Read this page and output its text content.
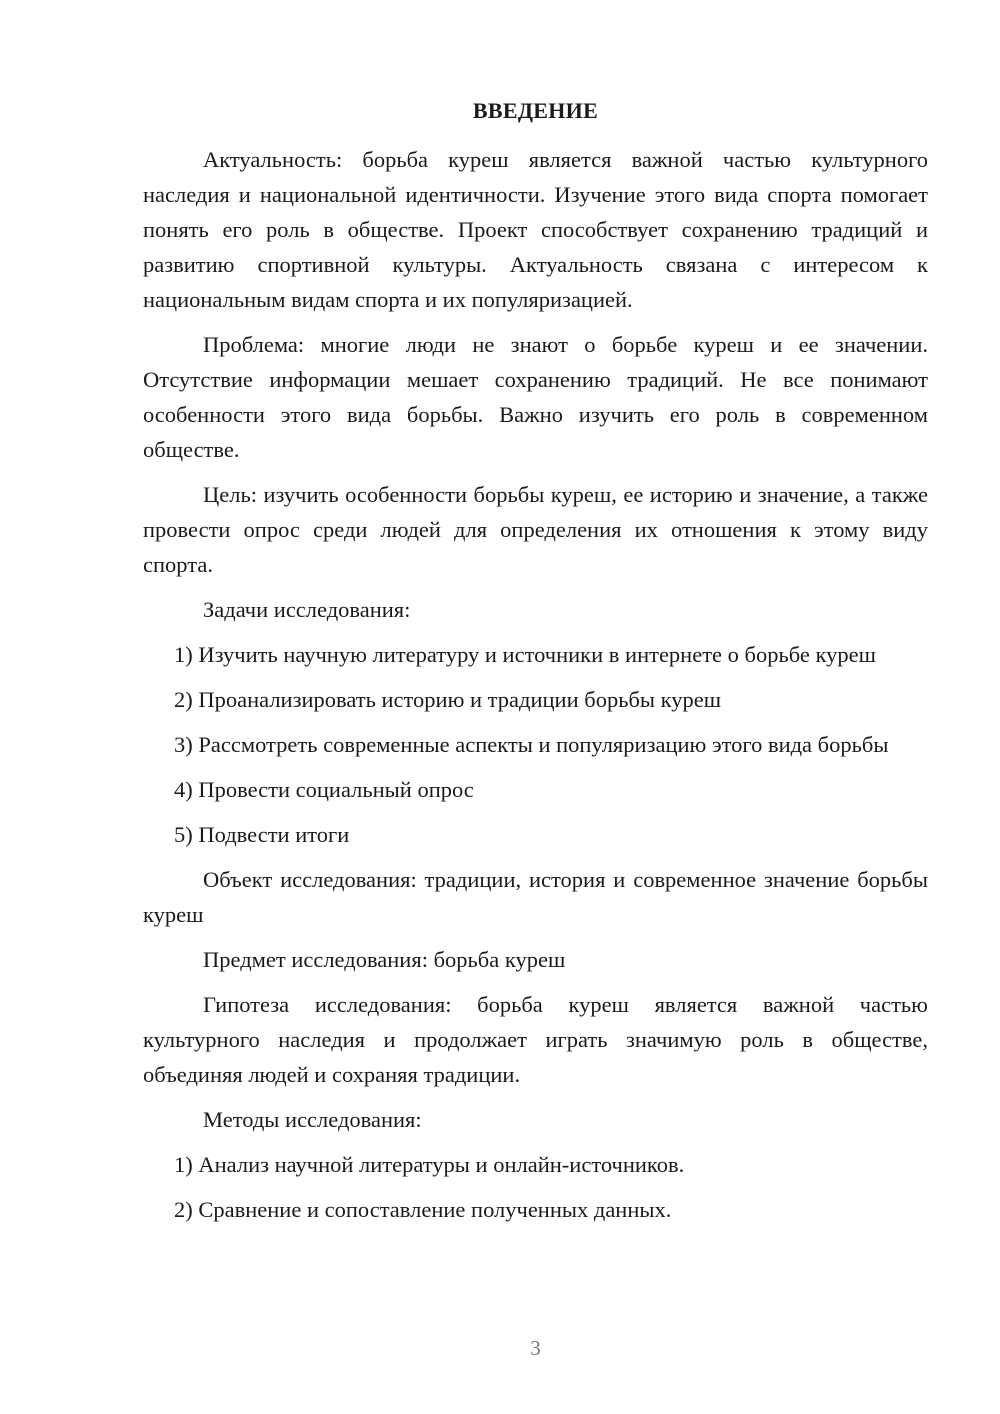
ВВЕДЕНИЕ

Актуальность: борьба куреш является важной частью культурного наследия и национальной идентичности. Изучение этого вида спорта помогает понять его роль в обществе. Проект способствует сохранению традиций и развитию спортивной культуры. Актуальность связана с интересом к национальным видам спорта и их популяризацией.

Проблема: многие люди не знают о борьбе куреш и ее значении. Отсутствие информации мешает сохранению традиций. Не все понимают особенности этого вида борьбы. Важно изучить его роль в современном обществе.

Цель: изучить особенности борьбы куреш, ее историю и значение, а также провести опрос среди людей для определения их отношения к этому виду спорта.

Задачи исследования:

1) Изучить научную литературу и источники в интернете о борьбе куреш

2) Проанализировать историю и традиции борьбы куреш

3) Рассмотреть современные аспекты и популяризацию этого вида борьбы

4) Провести социальный опрос

5) Подвести итоги

Объект исследования: традиции, история и современное значение борьбы куреш

Предмет исследования: борьба куреш

Гипотеза исследования: борьба куреш является важной частью культурного наследия и продолжает играть значимую роль в обществе, объединяя людей и сохраняя традиции.

Методы исследования:

1) Анализ научной литературы и онлайн-источников.

2) Сравнение и сопоставление полученных данных.

3
